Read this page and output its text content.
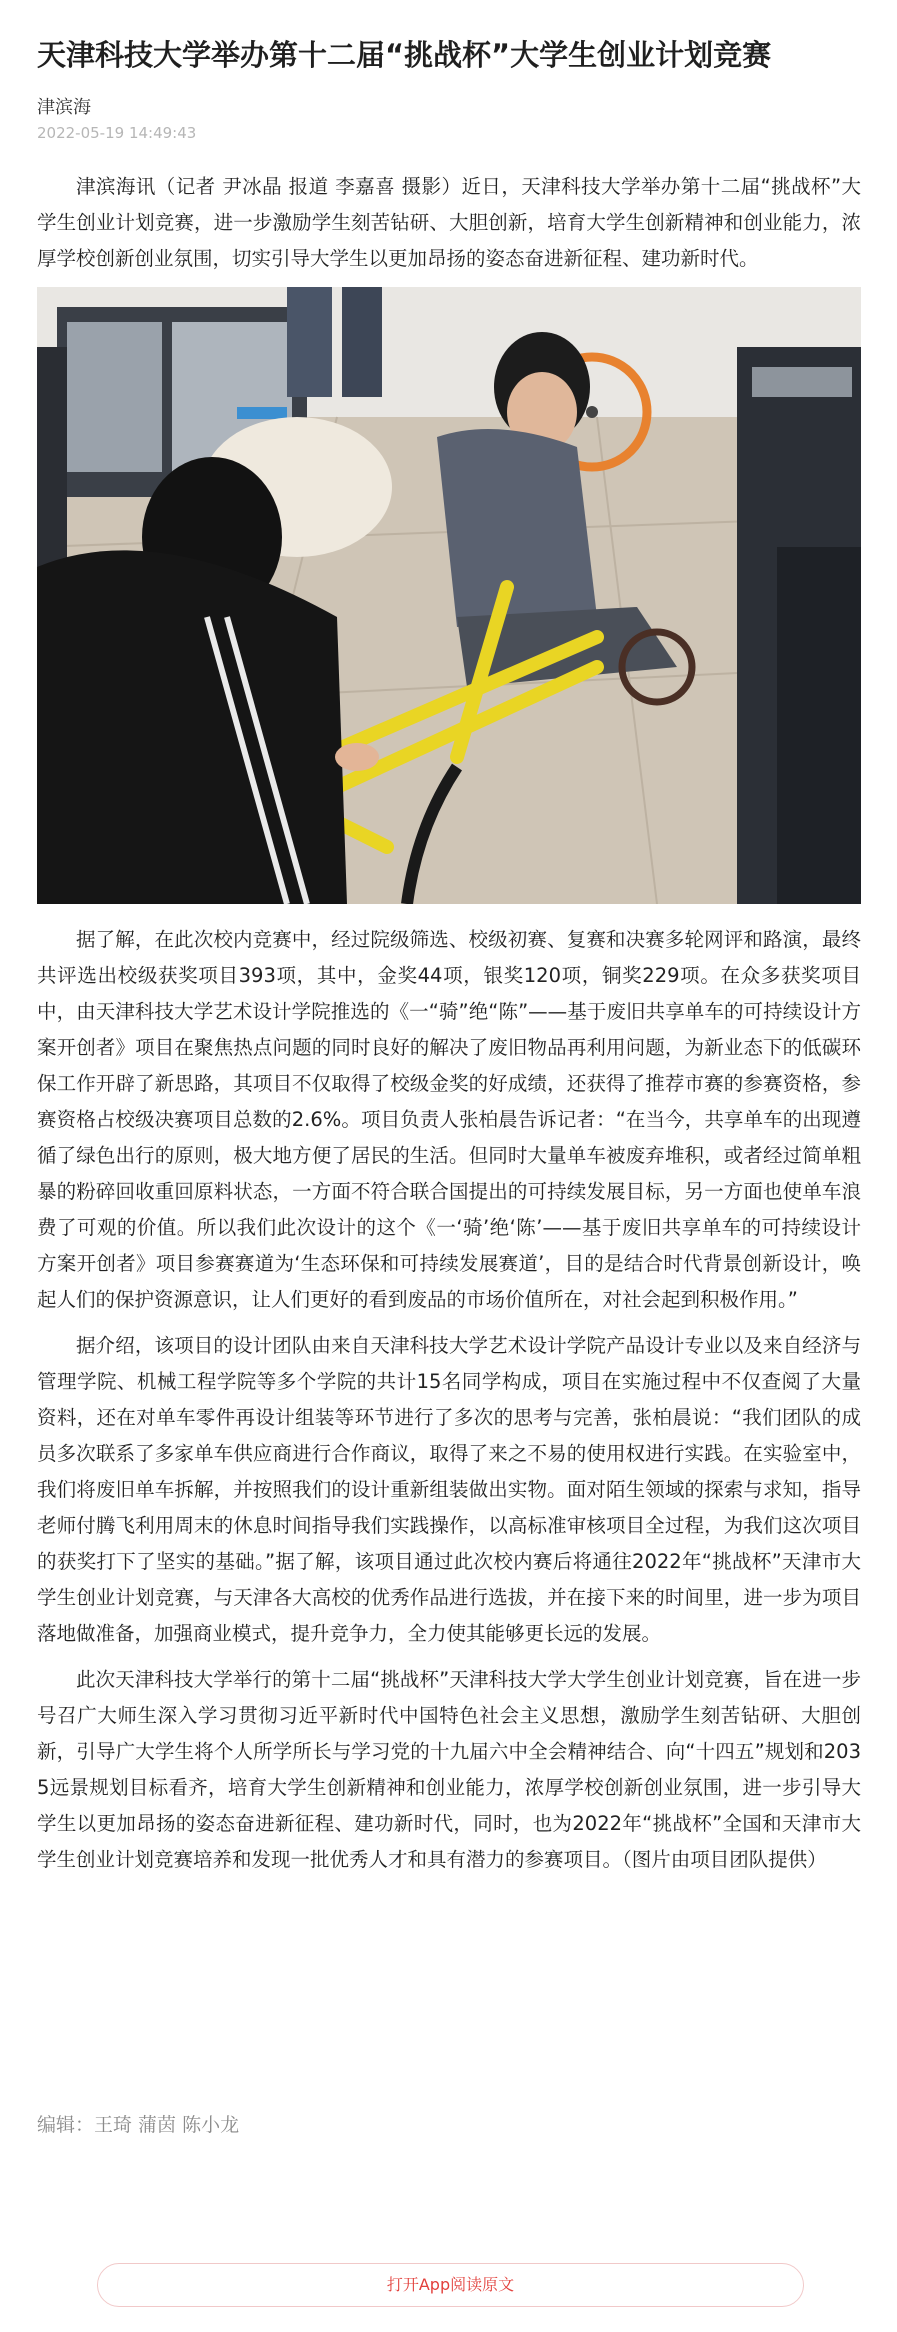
天津科技大学举办第十二届“挑战杯”大学生创业计划竞赛
津滨海
2022-05-19 14:49:43

津滨海讯（记者 尹冰晶 报道 李嘉喜 摄影）近日，天津科技大学举办第十二届“挑战杯”大学生创业计划竞赛，进一步激励学生刻苦钻研、大胆创新，培育大学生创新精神和创业能力，浓厚学校创新创业氛围，切实引导大学生以更加昂扬的姿态奋进新征程、建功新时代。

据了解，在此次校内竞赛中，经过院级筛选、校级初赛、复赛和决赛多轮网评和路演，最终共评选出校级获奖项目393项，其中，金奖44项，银奖120项，铜奖229项。在众多获奖项目中，由天津科技大学艺术设计学院推选的《一“骑”绝“陈”——基于废旧共享单车的可持续设计方案开创者》项目在聚焦热点问题的同时良好的解决了废旧物品再利用问题，为新业态下的低碳环保工作开辟了新思路，其项目不仅取得了校级金奖的好成绩，还获得了推荐市赛的参赛资格，参赛资格占校级决赛项目总数的2.6%。项目负责人张柏晨告诉记者：“在当今，共享单车的出现遵循了绿色出行的原则，极大地方便了居民的生活。但同时大量单车被废弃堆积，或者经过简单粗暴的粉碎回收重回原料状态，一方面不符合联合国提出的可持续发展目标，另一方面也使单车浪费了可观的价值。所以我们此次设计的这个《一‘骑’绝‘陈’——基于废旧共享单车的可持续设计方案开创者》项目参赛赛道为‘生态环保和可持续发展赛道’，目的是结合时代背景创新设计，唤起人们的保护资源意识，让人们更好的看到废品的市场价值所在，对社会起到积极作用。”

据介绍，该项目的设计团队由来自天津科技大学艺术设计学院产品设计专业以及来自经济与管理学院、机械工程学院等多个学院的共计15名同学构成，项目在实施过程中不仅查阅了大量资料，还在对单车零件再设计组装等环节进行了多次的思考与完善，张柏晨说：“我们团队的成员多次联系了多家单车供应商进行合作商议，取得了来之不易的使用权进行实践。在实验室中，我们将废旧单车拆解，并按照我们的设计重新组装做出实物。面对陌生领域的探索与求知，指导老师付腾飞利用周末的休息时间指导我们实践操作，以高标准审核项目全过程，为我们这次项目的获奖打下了坚实的基础。”据了解，该项目通过此次校内赛后将通往2022年“挑战杯”天津市大学生创业计划竞赛，与天津各大高校的优秀作品进行选拔，并在接下来的时间里，进一步为项目落地做准备，加强商业模式，提升竞争力，全力使其能够更长远的发展。

此次天津科技大学举行的第十二届“挑战杯”天津科技大学大学生创业计划竞赛，旨在进一步号召广大师生深入学习贯彻习近平新时代中国特色社会主义思想，激励学生刻苦钻研、大胆创新，引导广大学生将个人所学所长与学习党的十九届六中全会精神结合、向“十四五”规划和2035远景规划目标看齐，培育大学生创新精神和创业能力，浓厚学校创新创业氛围，进一步引导大学生以更加昂扬的姿态奋进新征程、建功新时代，同时，也为2022年“挑战杯”全国和天津市大学生创业计划竞赛培养和发现一批优秀人才和具有潜力的参赛项目。（图片由项目团队提供）

编辑：王琦 蒲茵 陈小龙
打开App阅读原文
